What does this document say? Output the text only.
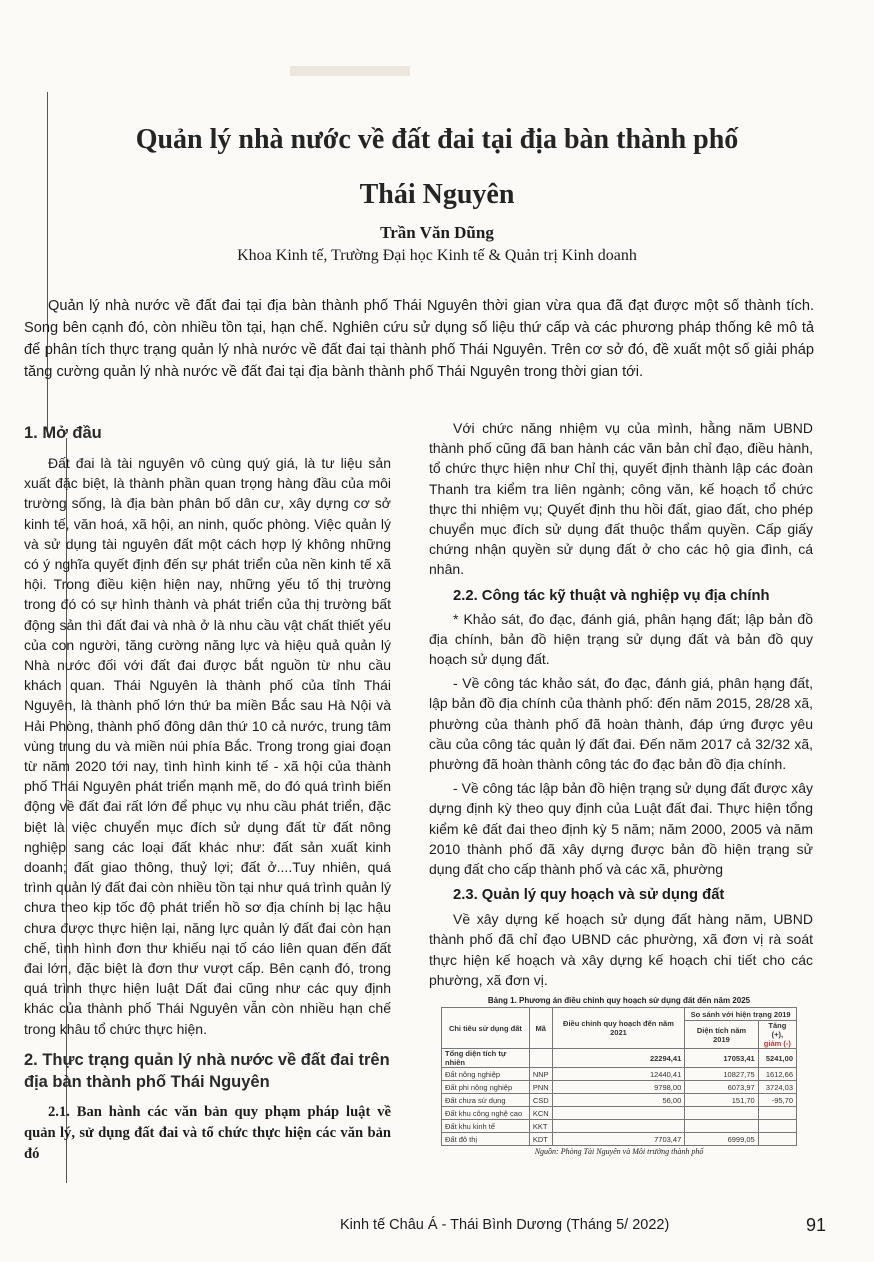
Quản lý nhà nước về đất đai tại địa bàn thành phố
Thái Nguyên
Trần Văn Dũng
Khoa Kinh tế, Trường Đại học Kinh tế & Quản trị Kinh doanh
Quản lý nhà nước về đất đai tại địa bàn thành phố Thái Nguyên thời gian vừa qua đã đạt được một số thành tích. Song bên cạnh đó, còn nhiều tồn tại, hạn chế. Nghiên cứu sử dụng số liệu thứ cấp và các phương pháp thống kê mô tả để phân tích thực trạng quản lý nhà nước về đất đai tại thành phố Thái Nguyên. Trên cơ sở đó, đề xuất một số giải pháp tăng cường quản lý nhà nước về đất đai tại địa bành thành phố Thái Nguyên trong thời gian tới.
1. Mở đầu

Đất đai là tài nguyên vô cùng quý giá, là tư liệu sản xuất đặc biệt, là thành phần quan trọng hàng đầu của môi trường sống, là địa bàn phân bố dân cư, xây dựng cơ sở kinh tế, văn hoá, xã hội, an ninh, quốc phòng. Việc quản lý và sử dụng tài nguyên đất một cách hợp lý không những có ý nghĩa quyết định đến sự phát triển của nền kinh tế xã hội. Trong điều kiện hiện nay, những yếu tố thị trường trong đó có sự hình thành và phát triển của thị trường bất động sản thì đất đai và nhà ở là nhu cầu vật chất thiết yếu của con người, tăng cường năng lực và hiệu quả quản lý Nhà nước đối với đất đai được bắt nguồn từ nhu cầu khách quan. Thái Nguyên là thành phố của tỉnh Thái Nguyên, là thành phố lớn thứ ba miền Bắc sau Hà Nội và Hải Phòng, thành phố đông dân thứ 10 cả nước, trung tâm vùng trung du và miền núi phía Bắc. Trong trong giai đoạn từ năm 2020 tới nay, tình hình kinh tế - xã hội của thành phố Thái Nguyên phát triển mạnh mẽ, do đó quá trình biến động về đất đai rất lớn để phục vụ nhu cầu phát triển, đặc biệt là việc chuyển mục đích sử dụng đất từ đất nông nghiệp sang các loại đất khác như: đất sản xuất kinh doanh; đất giao thông, thuỷ lợi; đất ở....Tuy nhiên, quá trình quản lý đất đai còn nhiều tồn tại như quá trình quản lý chưa theo kịp tốc độ phát triển hồ sơ địa chính bị lạc hậu chưa được thực hiện lại, năng lực quản lý đất đai còn hạn chế, tình hình đơn thư khiếu nại tố cáo liên quan đến đất đai lớn, đặc biệt là đơn thư vượt cấp. Bên cạnh đó, trong quá trình thực hiện luật Dất đai cũng như các quy định khác của thành phố Thái Nguyên vẫn còn nhiều hạn chế trong khâu tổ chức thực hiện.

2. Thực trạng quản lý nhà nước về đất đai trên địa bàn thành phố Thái Nguyên

2.1. Ban hành các văn bản quy phạm pháp luật về quản lý, sử dụng đất đai và tổ chức thực hiện các văn bản đó

Với chức năng nhiệm vụ của mình, hằng năm UBND thành phố cũng đã ban hành các văn bản chỉ đạo, điều hành, tổ chức thực hiện như Chỉ thị, quyết định thành lập các đoàn Thanh tra kiểm tra liên ngành; công văn, kế hoạch tổ chức thực thi nhiệm vụ; Quyết định thu hồi đất, giao đất, cho phép chuyển mục đích sử dụng đất thuộc thẩm quyền. Cấp giấy chứng nhận quyền sử dụng đất ở cho các hộ gia đình, cá nhân.

2.2. Công tác kỹ thuật và nghiệp vụ địa chính

* Khảo sát, đo đạc, đánh giá, phân hạng đất; lập bản đồ địa chính, bản đồ hiện trạng sử dụng đất và bản đồ quy hoạch sử dụng đất.

- Về công tác khảo sát, đo đạc, đánh giá, phân hạng đất, lập bản đồ địa chính của thành phố: đến năm 2015, 28/28 xã, phường của thành phố đã hoàn thành, đáp ứng được yêu cầu của công tác quản lý đất đai. Đến năm 2017 cả 32/32 xã, phường đã hoàn thành công tác đo đạc bản đồ địa chính.

- Về công tác lập bản đồ hiện trạng sử dụng đất được xây dựng định kỳ theo quy định của Luật đất đai. Thực hiện tổng kiểm kê đất đai theo định kỳ 5 năm; năm 2000, 2005 và năm 2010 thành phố đã xây dựng được bản đồ hiện trạng sử dụng đất cho cấp thành phố và các xã, phường

2.3. Quản lý quy hoạch và sử dụng đất

Về xây dựng kế hoạch sử dụng đất hàng năm, UBND thành phố đã chỉ đạo UBND các phường, xã đơn vị rà soát thực hiện kế hoạch và xây dựng kế hoạch chi tiết cho các phường, xã đơn vị.

Bảng 1. Phương án điều chỉnh quy hoạch sử dụng đất đến năm 2025
Chỉ tiêu sử dụng đất	Mã	Điều chỉnh quy hoạch đến năm 2021	So sánh với hiện trạng 2019	
			Diện tích năm 2019	Tăng (+),
giảm (-)
Tổng diện tích tự nhiên		22294,41	17053,41	5241,00
Đất nông nghiệp	NNP	12440,41	10827,75	1612,66
Đất phi nông nghiệp	PNN	9798,00	6073,97	3724,03
Đất chưa sử dụng	CSD	56,00	151,70	-95,70
Đất khu công nghệ cao	KCN			
Đất khu kinh tế	KKT			
Đất đô thị	KDT	7703,47	6999,05	
Nguồn: Phòng Tài Nguyên và Môi trường thành phố
Kinh tế Châu Á - Thái Bình Dương (Tháng 5/ 2022)	91
